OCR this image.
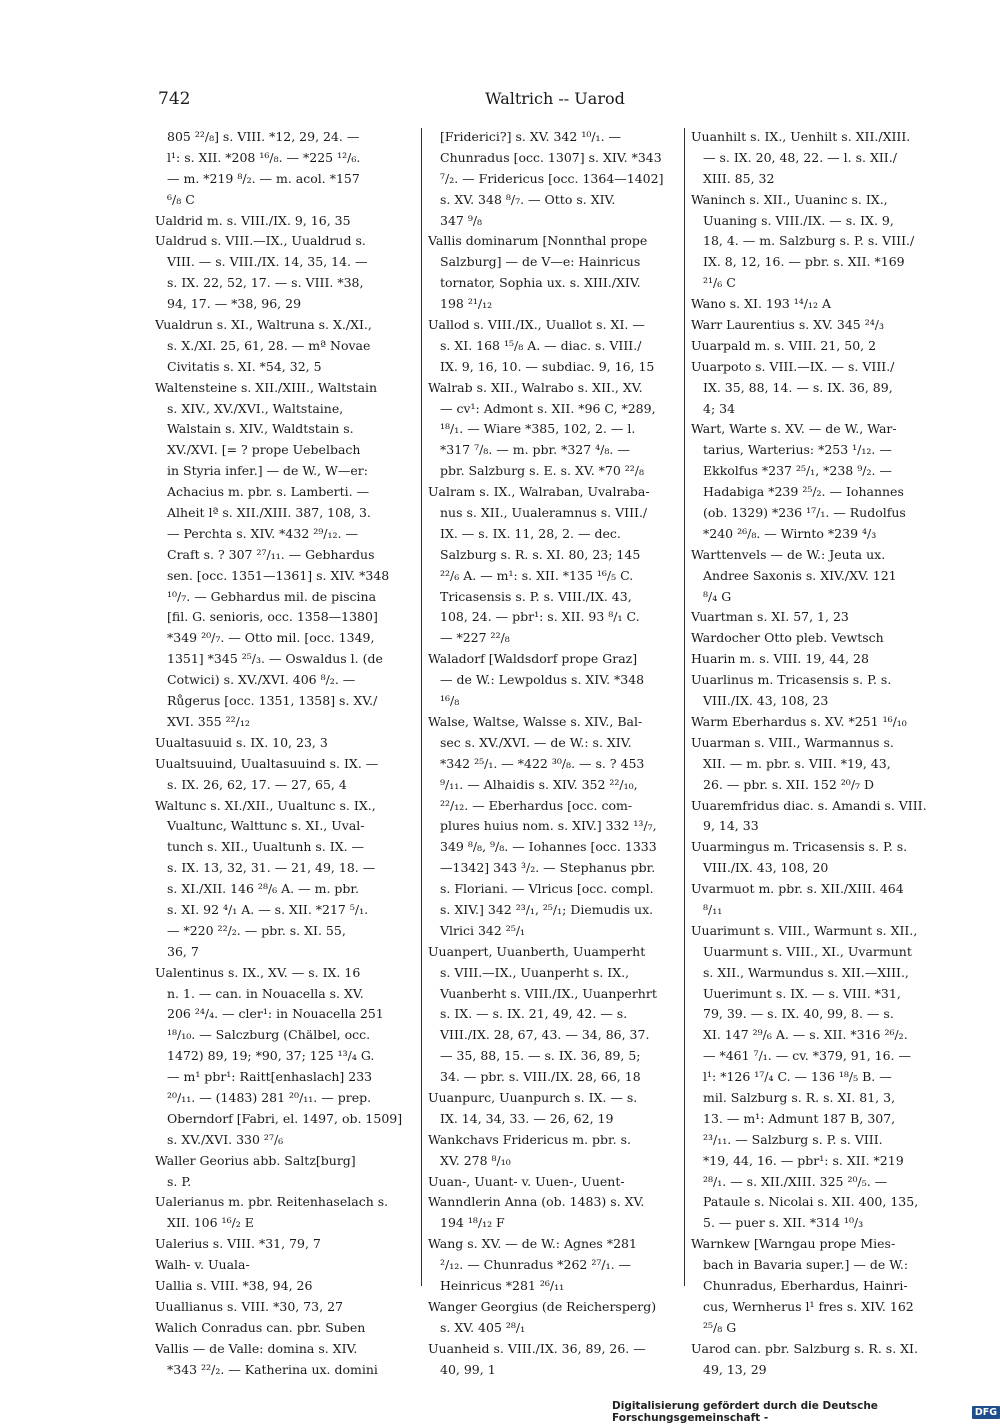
742	Waltrich -- Uarod
805 ²²/₈] s. VIII. *12, 29, 24. —
l¹: s. XII. *208 ¹⁶/₈. — *225 ¹²/₆.
— m. *219 ⁸/₂. — m. acol. *157
⁶/₈ C
Ualdrid m. s. VIII./IX. 9, 16, 35
Ualdrud s. VIII.—IX., Uualdrud s.
VIII. — s. VIII./IX. 14, 35, 14. —
s. IX. 22, 52, 17. — s. VIII. *38,
94, 17. — *38, 96, 29
Vualdrun s. XI., Waltruna s. X./XI.,
s. X./XI. 25, 61, 28. — mª Novae
Civitatis s. XI. *54, 32, 5
Waltensteine s. XII./XIII., Waltstain
s. XIV., XV./XVI., Waltstaine,
Walstain s. XIV., Waldtstain s.
XV./XVI. [= ? prope Uebelbach
in Styria infer.] — de W., W—er:
Achacius m. pbr. s. Lamberti. —
Alheit lª s. XII./XIII. 387, 108, 3.
— Perchta s. XIV. *432 ²⁹/₁₂. —
Craft s. ? 307 ²⁷/₁₁. — Gebhardus
sen. [occ. 1351—1361] s. XIV. *348
¹⁰/₇. — Gebhardus mil. de piscina
[fil. G. senioris, occ. 1358—1380]
*349 ²⁰/₇. — Otto mil. [occ. 1349,
1351] *345 ²⁵/₃. — Oswaldus l. (de
Cotwici) s. XV./XVI. 406 ⁸/₂. —
Růgerus [occ. 1351, 1358] s. XV./
XVI. 355 ²²/₁₂
Uualtasuuid s. IX. 10, 23, 3
Uualtsuuind, Uualtasuuind s. IX. —
s. IX. 26, 62, 17. — 27, 65, 4
Waltunc s. XI./XII., Uualtunc s. IX.,
Vualtunc, Walttunc s. XI., Uval-
tunch s. XII., Uualtunh s. IX. —
s. IX. 13, 32, 31. — 21, 49, 18. —
s. XI./XII. 146 ²⁸/₆ A. — m. pbr.
s. XI. 92 ⁴/₁ A. — s. XII. *217 ⁵/₁.
— *220 ²²/₂. — pbr. s. XI. 55,
36, 7
Ualentinus s. IX., XV. — s. IX. 16
n. 1. — can. in Nouacella s. XV.
206 ²⁴/₄. — cler¹: in Nouacella 251
¹⁸/₁₀. — Salczburg (Chälbel, occ.
1472) 89, 19; *90, 37; 125 ¹³/₄ G.
— m¹ pbr¹: Raitt[enhaslach] 233
²⁰/₁₁. — (1483) 281 ²⁰/₁₁. — prep.
Oberndorf [Fabri, el. 1497, ob. 1509]
s. XV./XVI. 330 ²⁷/₆
Waller Georius abb. Saltz[burg]
s. P.
Ualerianus m. pbr. Reitenhaselach s.
XII. 106 ¹⁶/₂ E
Ualerius s. VIII. *31, 79, 7
Walh- v. Uuala-
Uallia s. VIII. *38, 94, 26
Uuallianus s. VIII. *30, 73, 27
Walich Conradus can. pbr. Suben
Vallis — de Valle: domina s. XIV.
*343 ²²/₂. — Katherina ux. domini
[Friderici?] s. XV. 342 ¹⁰/₁. —
Chunradus [occ. 1307] s. XIV. *343
⁷/₂. — Fridericus [occ. 1364—1402]
s. XV. 348 ⁸/₇. — Otto s. XIV.
347 ⁹/₈
Vallis dominarum [Nonnthal prope
Salzburg] — de V—e: Hainricus
tornator, Sophia ux. s. XIII./XIV.
198 ²¹/₁₂
Uallod s. VIII./IX., Uuallot s. XI. —
s. XI. 168 ¹⁵/₈ A. — diac. s. VIII./
IX. 9, 16, 10. — subdiac. 9, 16, 15
Walrab s. XII., Walrabo s. XII., XV.
— cv¹: Admont s. XII. *96 C, *289,
¹⁸/₁. — Wiare *385, 102, 2. — l.
*317 ⁷/₈. — m. pbr. *327 ⁴/₈. —
pbr. Salzburg s. E. s. XV. *70 ²²/₈
Ualram s. IX., Walraban, Uvalraba-
nus s. XII., Uualeramnus s. VIII./
IX. — s. IX. 11, 28, 2. — dec.
Salzburg s. R. s. XI. 80, 23; 145
²²/₆ A. — m¹: s. XII. *135 ¹⁶/₅ C.
Tricasensis s. P. s. VIII./IX. 43,
108, 24. — pbr¹: s. XII. 93 ⁸/₁ C.
— *227 ²²/₈
Waladorf [Waldsdorf prope Graz]
— de W.: Lewpoldus s. XIV. *348
¹⁶/₈
Walse, Waltse, Walsse s. XIV., Bal-
sec s. XV./XVI. — de W.: s. XIV.
*342 ²⁵/₁. — *422 ³⁰/₈. — s. ? 453
⁹/₁₁. — Alhaidis s. XIV. 352 ²²/₁₀,
²²/₁₂. — Eberhardus [occ. com-
plures huius nom. s. XIV.] 332 ¹³/₇,
349 ⁸/₈, ⁹/₈. — Iohannes [occ. 1333
—1342] 343 ³/₂. — Stephanus pbr.
s. Floriani. — Vlricus [occ. compl.
s. XIV.] 342 ²³/₁, ²⁵/₁; Diemudis ux.
Vlrici 342 ²⁵/₁
Uuanpert, Uuanberth, Uuamperht
s. VIII.—IX., Uuanperht s. IX.,
Vuanberht s. VIII./IX., Uuanperhrt
s. IX. — s. IX. 21, 49, 42. — s.
VIII./IX. 28, 67, 43. — 34, 86, 37.
— 35, 88, 15. — s. IX. 36, 89, 5;
34. — pbr. s. VIII./IX. 28, 66, 18
Uuanpurc, Uuanpurch s. IX. — s.
IX. 14, 34, 33. — 26, 62, 19
Wankchavs Fridericus m. pbr. s.
XV. 278 ⁸/₁₀
Uuan-, Uuant- v. Uuen-, Uuent-
Wanndlerin Anna (ob. 1483) s. XV.
194 ¹⁸/₁₂ F
Wang s. XV. — de W.: Agnes *281
²/₁₂. — Chunradus *262 ²⁷/₁. —
Heinricus *281 ²⁶/₁₁
Wanger Georgius (de Reichersperg)
s. XV. 405 ²⁸/₁
Uuanheid s. VIII./IX. 36, 89, 26. —
40, 99, 1
Uuanhilt s. IX., Uenhilt s. XII./XIII.
— s. IX. 20, 48, 22. — l. s. XII./
XIII. 85, 32
Waninch s. XII., Uuaninc s. IX.,
Uuaning s. VIII./IX. — s. IX. 9,
18, 4. — m. Salzburg s. P. s. VIII./
IX. 8, 12, 16. — pbr. s. XII. *169
²¹/₆ C
Wano s. XI. 193 ¹⁴/₁₂ A
Warr Laurentius s. XV. 345 ²⁴/₃
Uuarpald m. s. VIII. 21, 50, 2
Uuarpoto s. VIII.—IX. — s. VIII./
IX. 35, 88, 14. — s. IX. 36, 89,
4; 34
Wart, Warte s. XV. — de W., War-
tarius, Warterius: *253 ¹/₁₂. —
Ekkolfus *237 ²⁵/₁, *238 ⁹/₂. —
Hadabiga *239 ²⁵/₂. — Iohannes
(ob. 1329) *236 ¹⁷/₁. — Rudolfus
*240 ²⁶/₈. — Wirnto *239 ⁴/₃
Warttenvels — de W.: Jeuta ux.
Andree Saxonis s. XIV./XV. 121
⁸/₄ G
Vuartman s. XI. 57, 1, 23
Wardocher Otto pleb. Vewtsch
Huarin m. s. VIII. 19, 44, 28
Uuarlinus m. Tricasensis s. P. s.
VIII./IX. 43, 108, 23
Warm Eberhardus s. XV. *251 ¹⁶/₁₀
Uuarman s. VIII., Warmannus s.
XII. — m. pbr. s. VIII. *19, 43,
26. — pbr. s. XII. 152 ²⁰/₇ D
Uuaremfridus diac. s. Amandi s. VIII.
9, 14, 33
Uuarmingus m. Tricasensis s. P. s.
VIII./IX. 43, 108, 20
Uvarmuot m. pbr. s. XII./XIII. 464
⁸/₁₁
Uuarimunt s. VIII., Warmunt s. XII.,
Uuarmunt s. VIII., XI., Uvarmunt
s. XII., Warmundus s. XII.—XIII.,
Uuerimunt s. IX. — s. VIII. *31,
79, 39. — s. IX. 40, 99, 8. — s.
XI. 147 ²⁹/₆ A. — s. XII. *316 ²⁶/₂.
— *461 ⁷/₁. — cv. *379, 91, 16. —
l¹: *126 ¹⁷/₄ C. — 136 ¹⁸/₅ B. —
mil. Salzburg s. R. s. XI. 81, 3,
13. — m¹: Admunt 187 B, 307,
²³/₁₁. — Salzburg s. P. s. VIII.
*19, 44, 16. — pbr¹: s. XII. *219
²⁸/₁. — s. XII./XIII. 325 ²⁰/₅. —
Pataule s. Nicolai s. XII. 400, 135,
5. — puer s. XII. *314 ¹⁰/₃
Warnkew [Warngau prope Mies-
bach in Bavaria super.] — de W.:
Chunradus, Eberhardus, Hainri-
cus, Wernherus l¹ fres s. XIV. 162
²⁵/₈ G
Uarod can. pbr. Salzburg s. R. s. XI.
49, 13, 29
Digitalisierung gefördert durch die Deutsche Forschungsgemeinschaft -	DFG
